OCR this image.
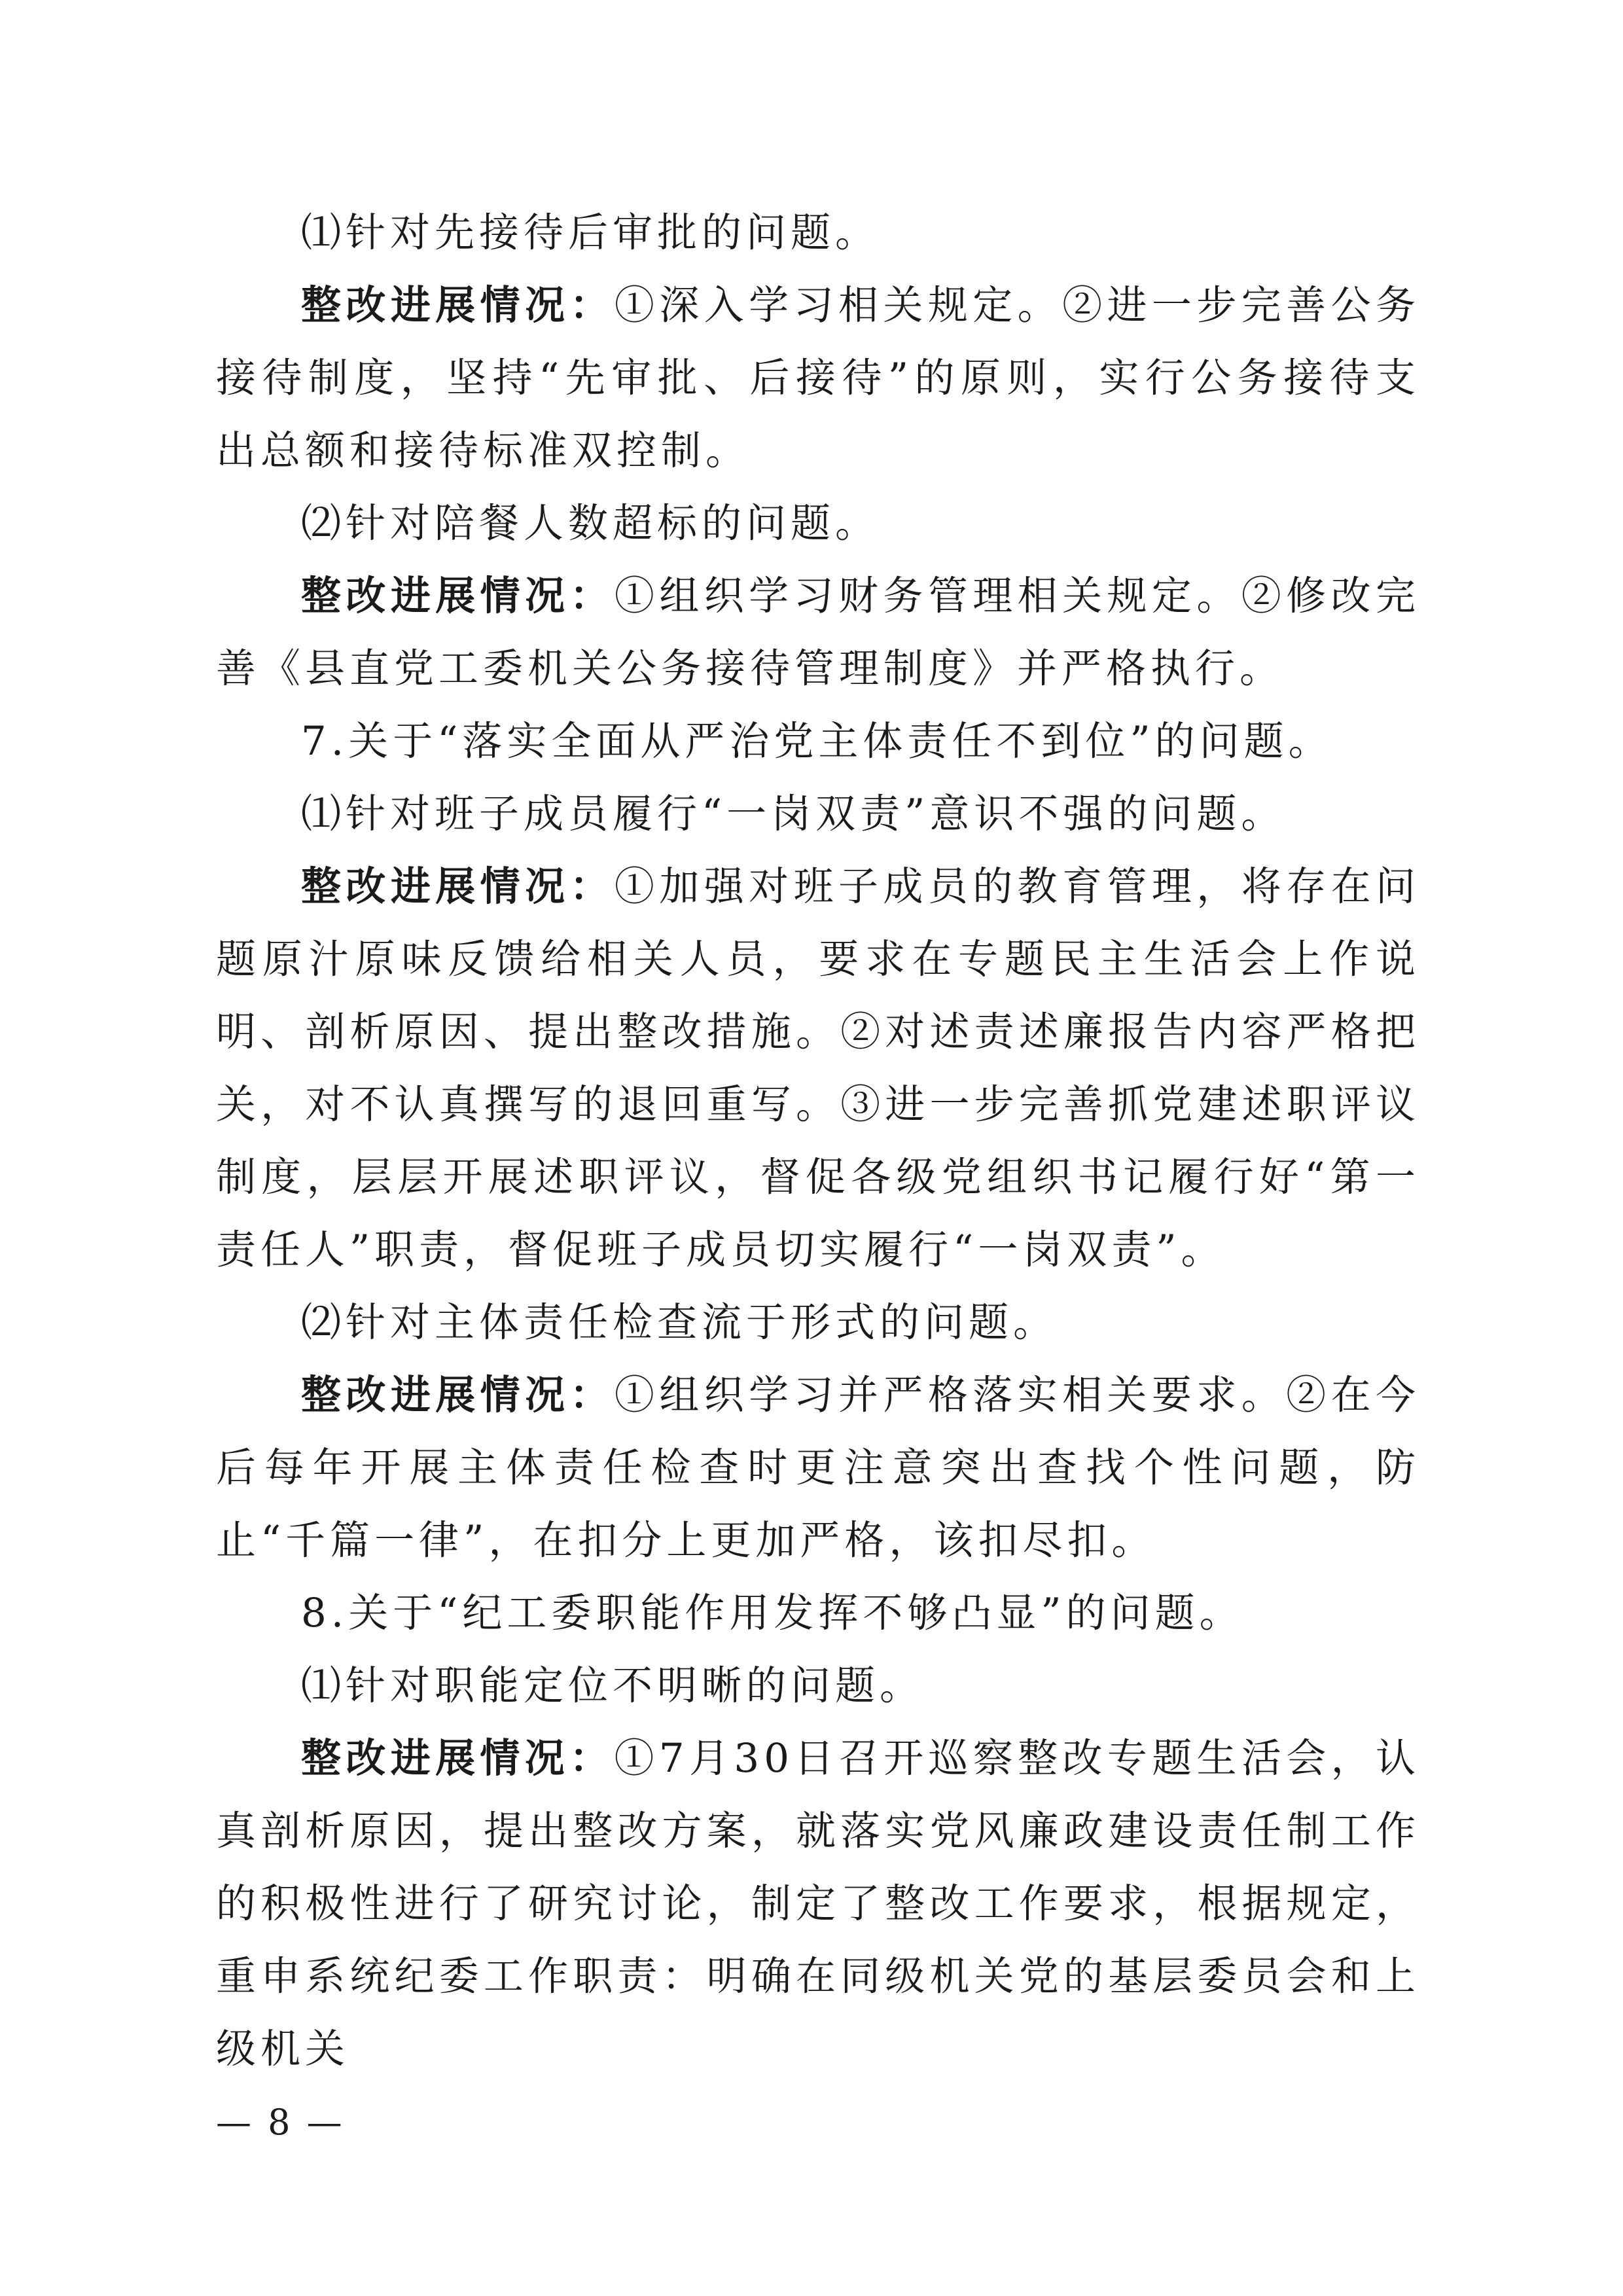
⑴针对先接待后审批的问题。

整改进展情况：①深入学习相关规定。②进一步完善公务接待制度，坚持“先审批、后接待”的原则，实行公务接待支出总额和接待标准双控制。

⑵针对陪餐人数超标的问题。

整改进展情况：①组织学习财务管理相关规定。②修改完善《县直党工委机关公务接待管理制度》并严格执行。

7.关于“落实全面从严治党主体责任不到位”的问题。

⑴针对班子成员履行“一岗双责”意识不强的问题。

整改进展情况：①加强对班子成员的教育管理，将存在问题原汁原味反馈给相关人员，要求在专题民主生活会上作说明、剖析原因、提出整改措施。②对述责述廉报告内容严格把关，对不认真撰写的退回重写。③进一步完善抓党建述职评议制度，层层开展述职评议，督促各级党组织书记履行好“第一责任人”职责，督促班子成员切实履行“一岗双责”。

⑵针对主体责任检查流于形式的问题。

整改进展情况：①组织学习并严格落实相关要求。②在今后每年开展主体责任检查时更注意突出查找个性问题，防止“千篇一律”，在扣分上更加严格，该扣尽扣。

8.关于“纪工委职能作用发挥不够凸显”的问题。

⑴针对职能定位不明晰的问题。

整改进展情况：①7月30日召开巡察整改专题生活会，认真剖析原因，提出整改方案，就落实党风廉政建设责任制工作的积极性进行了研究讨论，制定了整改工作要求，根据规定，重申系统纪委工作职责：明确在同级机关党的基层委员会和上级机关

— 8 —
